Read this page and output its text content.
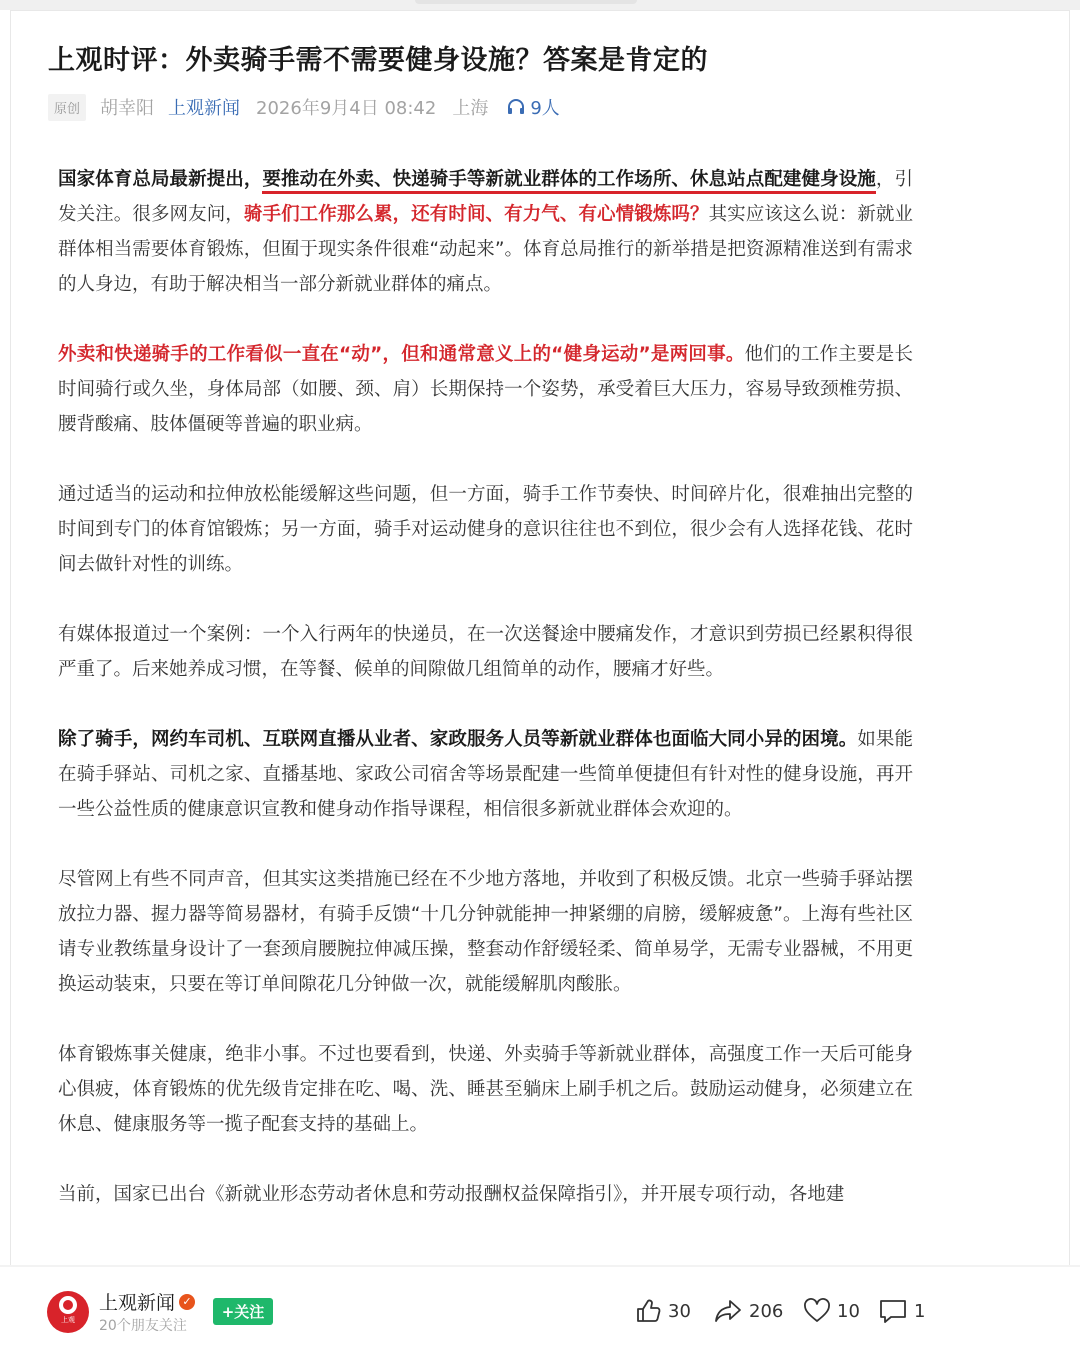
上观时评：外卖骑手需不需要健身设施？答案是肯定的
原创	胡幸阳 上观新闻 2026年9月4日 08:42 上海 9人

国家体育总局最新提出，要推动在外卖、快递骑手等新就业群体的工作场所、休息站点配建健身设施，引发关注。很多网友问，骑手们工作那么累，还有时间、有力气、有心情锻炼吗？其实应该这么说：新就业群体相当需要体育锻炼，但囿于现实条件很难“动起来”。体育总局推行的新举措是把资源精准送到有需求的人身边，有助于解决相当一部分新就业群体的痛点。

外卖和快递骑手的工作看似一直在“动”，但和通常意义上的“健身运动”是两回事。他们的工作主要是长时间骑行或久坐，身体局部（如腰、颈、肩）长期保持一个姿势，承受着巨大压力，容易导致颈椎劳损、腰背酸痛、肢体僵硬等普遍的职业病。

通过适当的运动和拉伸放松能缓解这些问题，但一方面，骑手工作节奏快、时间碎片化，很难抽出完整的时间到专门的体育馆锻炼；另一方面，骑手对运动健身的意识往往也不到位，很少会有人选择花钱、花时间去做针对性的训练。

有媒体报道过一个案例：一个入行两年的快递员，在一次送餐途中腰痛发作，才意识到劳损已经累积得很严重了。后来她养成习惯，在等餐、候单的间隙做几组简单的动作，腰痛才好些。

除了骑手，网约车司机、互联网直播从业者、家政服务人员等新就业群体也面临大同小异的困境。如果能在骑手驿站、司机之家、直播基地、家政公司宿舍等场景配建一些简单便捷但有针对性的健身设施，再开一些公益性质的健康意识宣教和健身动作指导课程，相信很多新就业群体会欢迎的。

尽管网上有些不同声音，但其实这类措施已经在不少地方落地，并收到了积极反馈。北京一些骑手驿站摆放拉力器、握力器等简易器材，有骑手反馈“十几分钟就能抻一抻紧绷的肩膀，缓解疲惫”。上海有些社区请专业教练量身设计了一套颈肩腰腕拉伸减压操，整套动作舒缓轻柔、简单易学，无需专业器械，不用更换运动装束，只要在等订单间隙花几分钟做一次，就能缓解肌肉酸胀。

体育锻炼事关健康，绝非小事。不过也要看到，快递、外卖骑手等新就业群体，高强度工作一天后可能身心俱疲，体育锻炼的优先级肯定排在吃、喝、洗、睡甚至躺床上刷手机之后。鼓励运动健身，必须建立在休息、健康服务等一揽子配套支持的基础上。

当前，国家已出台《新就业形态劳动者休息和劳动报酬权益保障指引》，并开展专项行动，各地建

上观
上观新闻 ✓
20个朋友关注
+ 关注	30	206	10	1
